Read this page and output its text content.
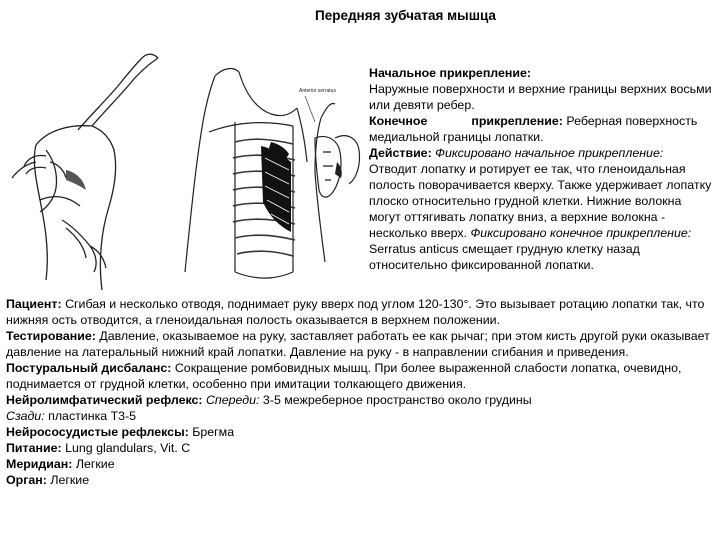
Передняя зубчатая мышца
Anterior serratus

Начальное прикрепление:
Наружные поверхности и верхние границы верхних восьми или девяти ребер.

Конечное	прикрепление: Реберная поверхность медиальной границы лопатки.

Действие: Фиксировано начальное прикрепление: Отводит лопатку и ротирует ее так, что гленоидальная полость поворачивается кверху. Также удерживает лопатку плоско относительно грудной клетки. Нижние волокна могут оттягивать лопатку вниз, а верхние волокна - несколько вверх. Фиксировано конечное прикрепление: Serratus anticus смещает грудную клетку назад относительно фиксированной лопатки.

Пациент: Сгибая и несколько отводя, поднимает руку вверх под углом 120-130°. Это вызывает ротацию лопатки так, что нижняя ость отводится, а гленоидальная полость оказывается в верхнем положении.

Тестирование: Давление, оказываемое на руку, заставляет работать ее как рычаг; при этом кисть другой руки оказывает давление на латеральный нижний край лопатки. Давление на руку - в направлении сгибания и приведения.

Постуральный дисбаланс: Сокращение ромбовидных мышц. При более выраженной слабости лопатка, очевидно, поднимается от грудной клетки, особенно при имитации толкающего движения.

Нейролимфатический рефлекс: Спереди: 3-5 межреберное пространство около грудины

Сзади: пластинка Т3-5

Нейрососудистые рефлексы: Брегма

Питание: Lung glandulars, Vit. C

Меридиан: Легкие

Орган: Легкие
